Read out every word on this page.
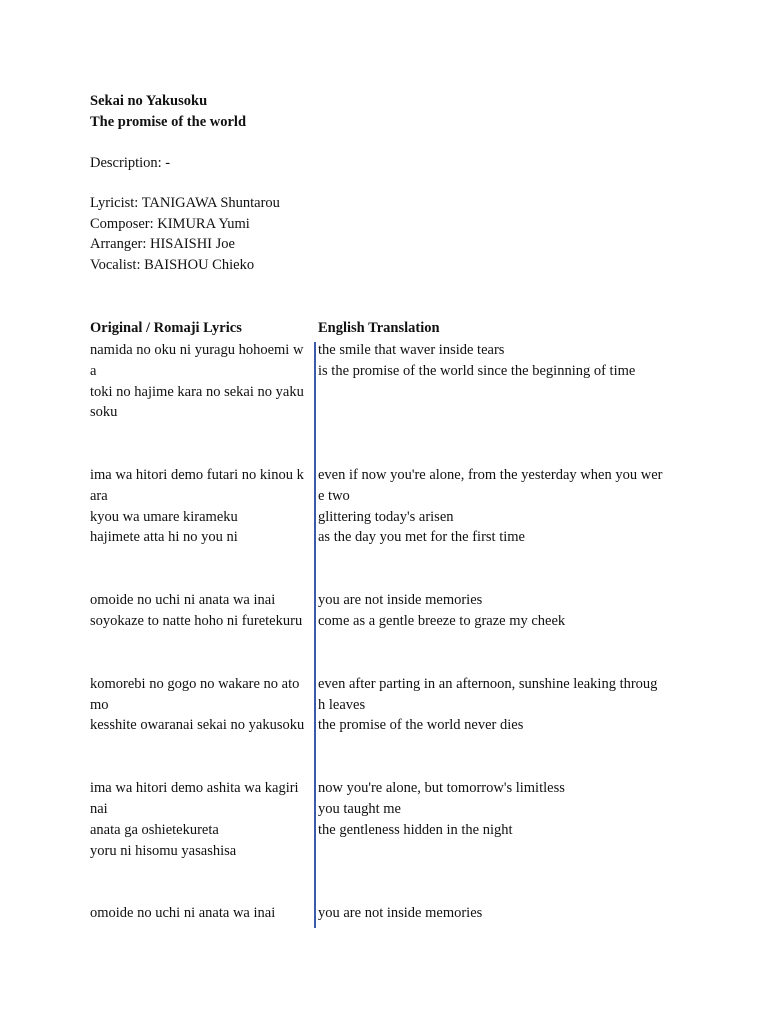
Sekai no Yakusoku
The promise of the world
Description: -
Lyricist: TANIGAWA Shuntarou
Composer: KIMURA Yumi
Arranger: HISAISHI Joe
Vocalist: BAISHOU Chieko
Original / Romaji Lyrics	English Translation
namida no oku ni yuragu hohoemi w
a
toki no hajime kara no sekai no yaku
soku
ima wa hitori demo futari no kinou k
ara
kyou wa umare kirameku
hajimete atta hi no you ni
omoide no uchi ni anata wa inai
soyokaze to natte hoho ni furetekuru
komorebi no gogo no wakare no ato
mo
kesshite owaranai sekai no yakusoku
ima wa hitori demo ashita wa kagiri
nai
anata ga oshietekureta
yoru ni hisomu yasashisa
omoide no uchi ni anata wa inai
the smile that waver inside tears
is the promise of the world since the beginning of time
even if now you're alone, from the yesterday when you wer
e two
glittering today's arisen
as the day you met for the first time
you are not inside memories
come as a gentle breeze to graze my cheek
even after parting in an afternoon, sunshine leaking throug
h leaves
the promise of the world never dies
now you're alone, but tomorrow's limitless
you taught me
the gentleness hidden in the night
you are not inside memories
